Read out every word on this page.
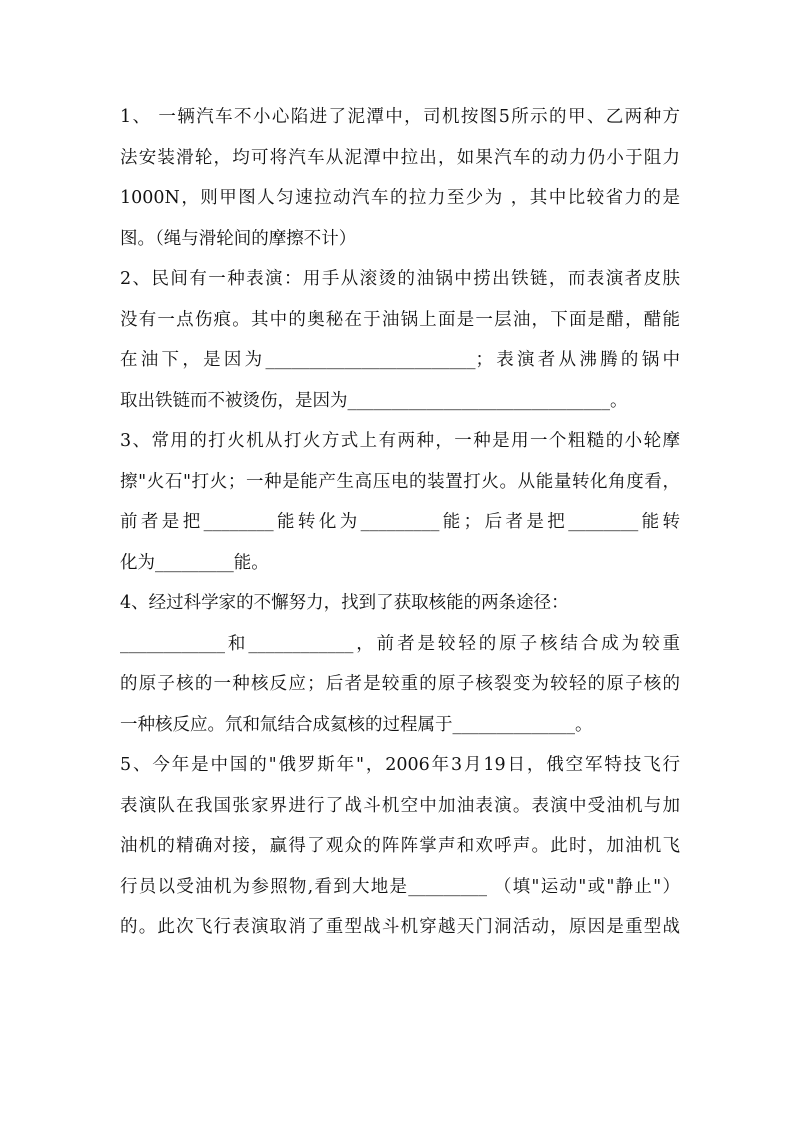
1、 一辆汽车不小心陷进了泥潭中，司机按图5所示的甲、乙两种方
法安装滑轮，均可将汽车从泥潭中拉出，如果汽车的动力仍小于阻力
1000N，则甲图人匀速拉动汽车的拉力至少为 ，其中比较省力的是
图。（绳与滑轮间的摩擦不计）
2、民间有一种表演：用手从滚烫的油锅中捞出铁链，而表演者皮肤
没有一点伤痕。其中的奥秘在于油锅上面是一层油，下面是醋，醋能
在油下，是因为________________________；表演者从沸腾的锅中
取出铁链而不被烫伤，是因为______________________________。
3、常用的打火机从打火方式上有两种，一种是用一个粗糙的小轮摩
擦"火石"打火；一种是能产生高压电的装置打火。从能量转化角度看，
前者是把________能转化为_________能；后者是把________能转
化为_________能。
4、经过科学家的不懈努力，找到了获取核能的两条途径：
____________和____________，前者是较轻的原子核结合成为较重
的原子核的一种核反应；后者是较重的原子核裂变为较轻的原子核的
一种核反应。氘和氚结合成氦核的过程属于______________。
5、今年是中国的"俄罗斯年"，2006年3月19日，俄空军特技飞行
表演队在我国张家界进行了战斗机空中加油表演。表演中受油机与加
油机的精确对接，赢得了观众的阵阵掌声和欢呼声。此时，加油机飞
行员以受油机为参照物,看到大地是_________ （填"运动"或"静止"）
的。此次飞行表演取消了重型战斗机穿越天门洞活动，原因是重型战
